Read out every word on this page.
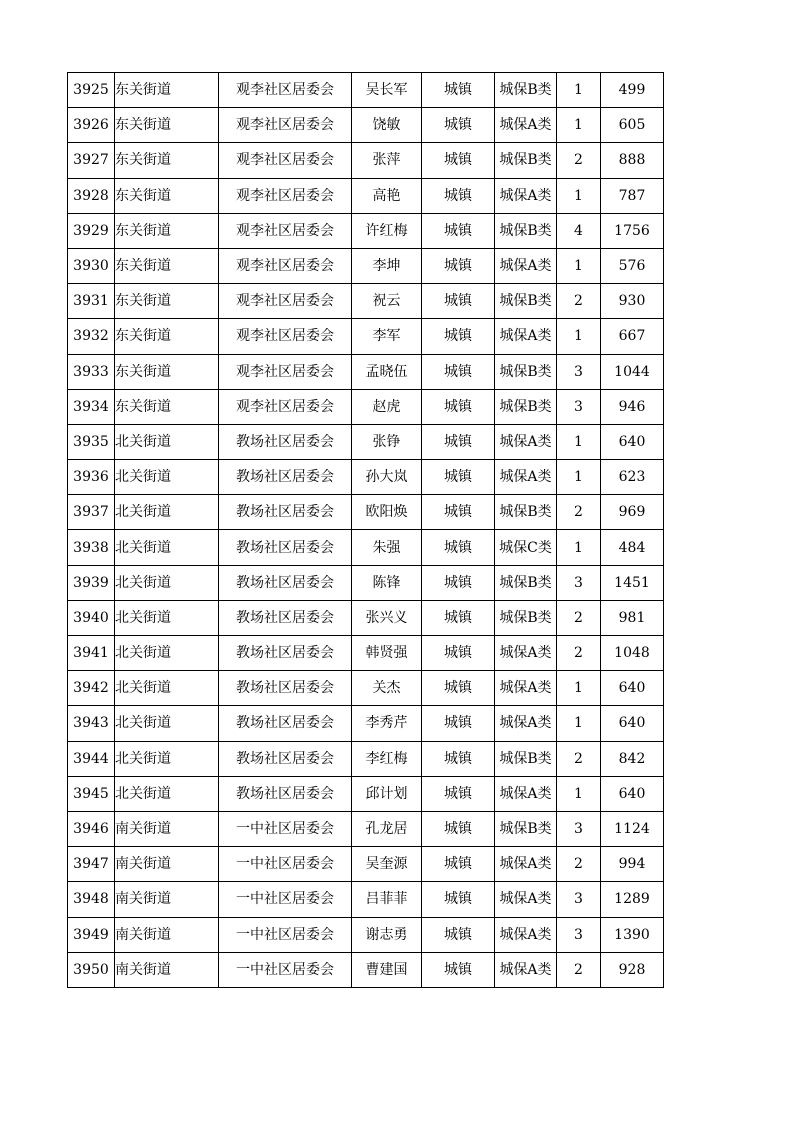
3925	东关街道	观李社区居委会	吴长军	城镇	城保B类	1	499
3926	东关街道	观李社区居委会	饶敏	城镇	城保A类	1	605
3927	东关街道	观李社区居委会	张萍	城镇	城保B类	2	888
3928	东关街道	观李社区居委会	高艳	城镇	城保A类	1	787
3929	东关街道	观李社区居委会	许红梅	城镇	城保B类	4	1756
3930	东关街道	观李社区居委会	李坤	城镇	城保A类	1	576
3931	东关街道	观李社区居委会	祝云	城镇	城保B类	2	930
3932	东关街道	观李社区居委会	李军	城镇	城保A类	1	667
3933	东关街道	观李社区居委会	孟晓伍	城镇	城保B类	3	1044
3934	东关街道	观李社区居委会	赵虎	城镇	城保B类	3	946
3935	北关街道	教场社区居委会	张铮	城镇	城保A类	1	640
3936	北关街道	教场社区居委会	孙大岚	城镇	城保A类	1	623
3937	北关街道	教场社区居委会	欧阳焕	城镇	城保B类	2	969
3938	北关街道	教场社区居委会	朱强	城镇	城保C类	1	484
3939	北关街道	教场社区居委会	陈锋	城镇	城保B类	3	1451
3940	北关街道	教场社区居委会	张兴义	城镇	城保B类	2	981
3941	北关街道	教场社区居委会	韩贤强	城镇	城保A类	2	1048
3942	北关街道	教场社区居委会	关杰	城镇	城保A类	1	640
3943	北关街道	教场社区居委会	李秀芹	城镇	城保A类	1	640
3944	北关街道	教场社区居委会	李红梅	城镇	城保B类	2	842
3945	北关街道	教场社区居委会	邱计划	城镇	城保A类	1	640
3946	南关街道	一中社区居委会	孔龙居	城镇	城保B类	3	1124
3947	南关街道	一中社区居委会	吴奎源	城镇	城保A类	2	994
3948	南关街道	一中社区居委会	吕菲菲	城镇	城保A类	3	1289
3949	南关街道	一中社区居委会	谢志勇	城镇	城保A类	3	1390
3950	南关街道	一中社区居委会	曹建国	城镇	城保A类	2	928
